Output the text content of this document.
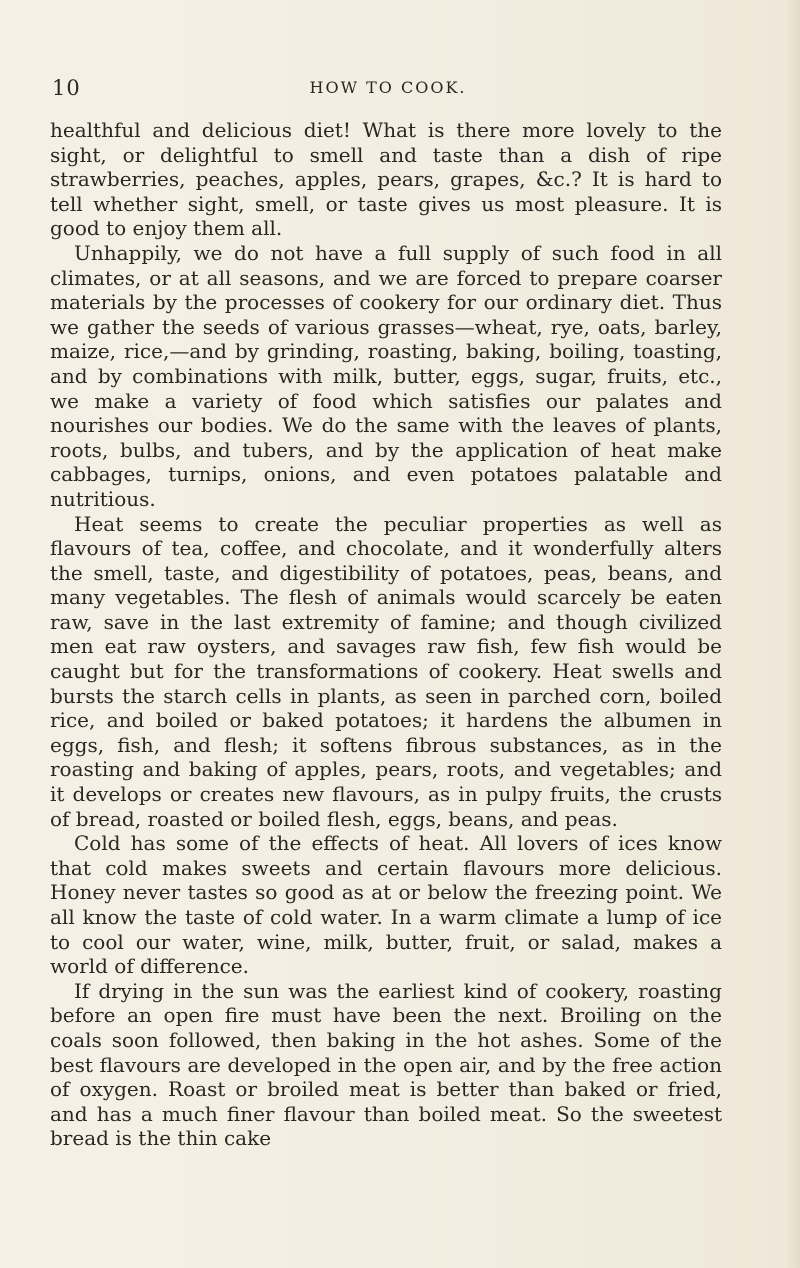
10	HOW TO COOK.

healthful and delicious diet! What is there more lovely to the sight, or delightful to smell and taste than a dish of ripe strawberries, peaches, apples, pears, grapes, &c.? It is hard to tell whether sight, smell, or taste gives us most pleasure. It is good to enjoy them all.

Unhappily, we do not have a full supply of such food in all climates, or at all seasons, and we are forced to prepare coarser materials by the processes of cookery for our ordinary diet. Thus we gather the seeds of various grasses—wheat, rye, oats, barley, maize, rice,—and by grinding, roasting, baking, boiling, toasting, and by combinations with milk, butter, eggs, sugar, fruits, etc., we make a variety of food which satisfies our palates and nourishes our bodies. We do the same with the leaves of plants, roots, bulbs, and tubers, and by the application of heat make cabbages, turnips, onions, and even potatoes palatable and nutritious.

Heat seems to create the peculiar properties as well as flavours of tea, coffee, and chocolate, and it wonderfully alters the smell, taste, and digestibility of potatoes, peas, beans, and many vegetables. The flesh of animals would scarcely be eaten raw, save in the last extremity of famine; and though civilized men eat raw oysters, and savages raw fish, few fish would be caught but for the transformations of cookery. Heat swells and bursts the starch cells in plants, as seen in parched corn, boiled rice, and boiled or baked potatoes; it hardens the albumen in eggs, fish, and flesh; it softens fibrous substances, as in the roasting and baking of apples, pears, roots, and vegetables; and it develops or creates new flavours, as in pulpy fruits, the crusts of bread, roasted or boiled flesh, eggs, beans, and peas.

Cold has some of the effects of heat. All lovers of ices know that cold makes sweets and certain flavours more delicious. Honey never tastes so good as at or below the freezing point. We all know the taste of cold water. In a warm climate a lump of ice to cool our water, wine, milk, butter, fruit, or salad, makes a world of difference.

If drying in the sun was the earliest kind of cookery, roasting before an open fire must have been the next. Broiling on the coals soon followed, then baking in the hot ashes. Some of the best flavours are developed in the open air, and by the free action of oxygen. Roast or broiled meat is better than baked or fried, and has a much finer flavour than boiled meat. So the sweetest bread is the thin cake
